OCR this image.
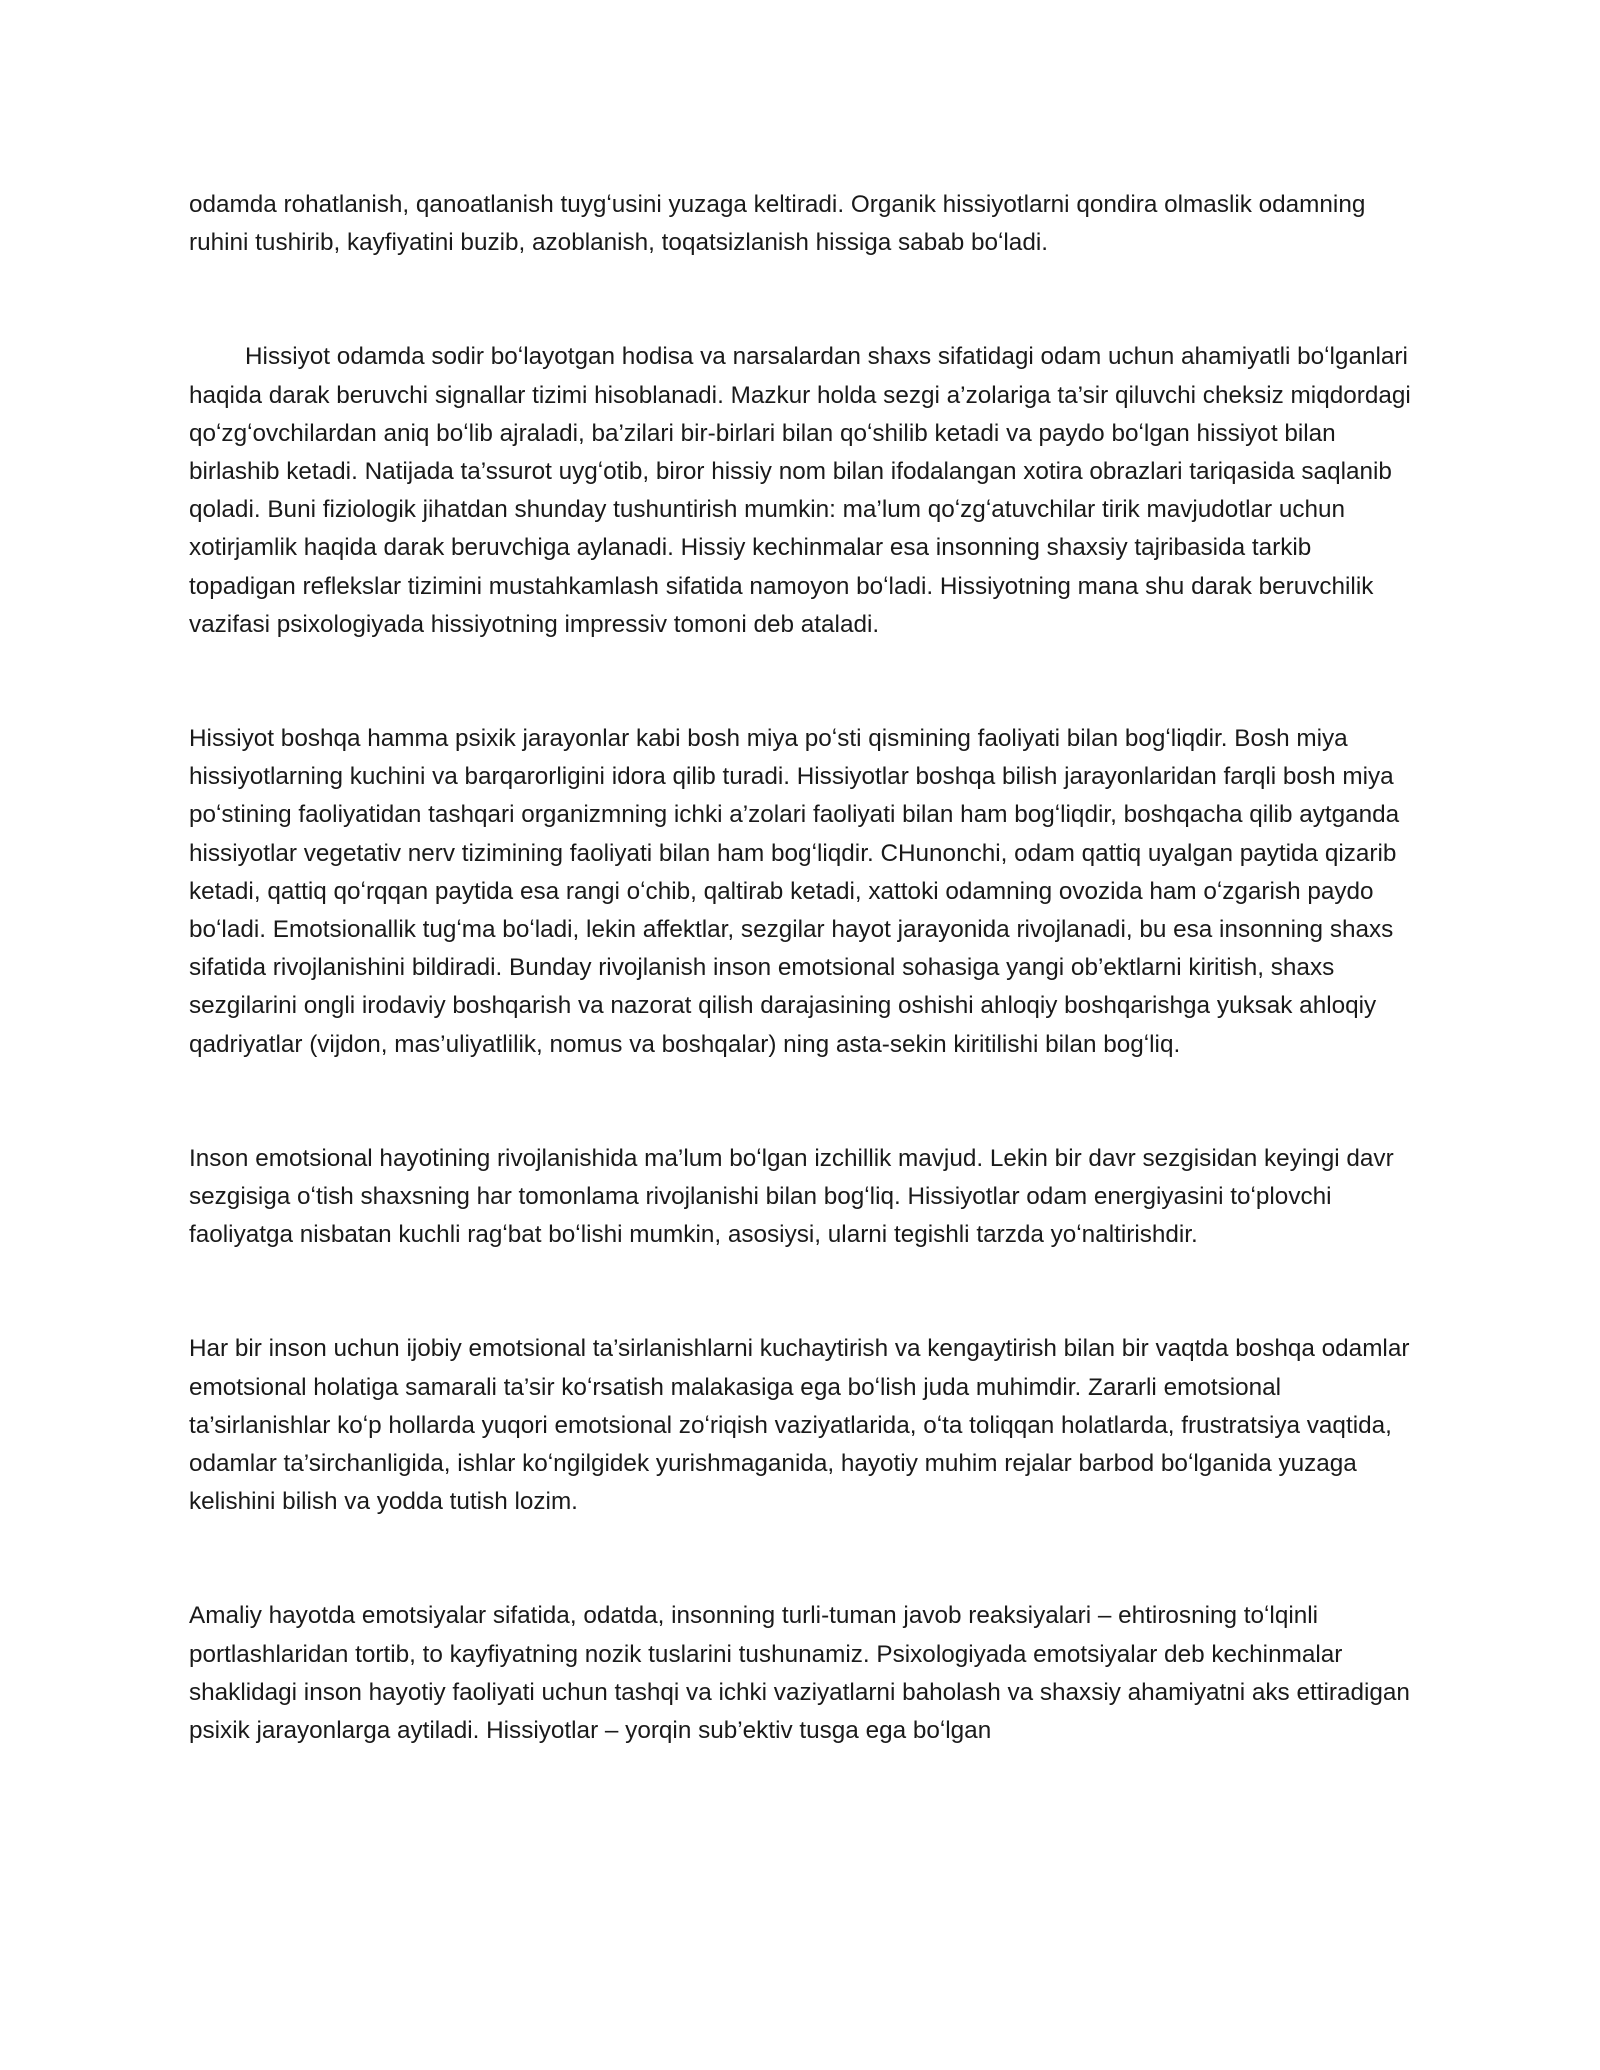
odamda rohatlanish, qanoatlanish tuygʻusini yuzaga keltiradi. Organik hissiyotlarni qondira olmaslik odamning ruhini tushirib, kayfiyatini buzib, azoblanish, toqatsizlanish hissiga sabab boʻladi.

Hissiyot odamda sodir boʻlayotgan hodisa va narsalardan shaxs sifatidagi odam uchun ahamiyatli boʻlganlari haqida darak beruvchi signallar tizimi hisoblanadi. Mazkur holda sezgi a’zolariga ta’sir qiluvchi cheksiz miqdordagi qoʻzgʻovchilardan aniq boʻlib ajraladi, ba’zilari bir-birlari bilan qoʻshilib ketadi va paydo boʻlgan hissiyot bilan birlashib ketadi. Natijada ta’ssurot uygʻotib, biror hissiy nom bilan ifodalangan xotira obrazlari tariqasida saqlanib qoladi. Buni fiziologik jihatdan shunday tushuntirish mumkin: ma’lum qoʻzgʻatuvchilar tirik mavjudotlar uchun xotirjamlik haqida darak beruvchiga aylanadi. Hissiy kechinmalar esa insonning shaxsiy tajribasida tarkib topadigan reflekslar tizimini mustahkamlash sifatida namoyon boʻladi. Hissiyotning mana shu darak beruvchilik vazifasi psixologiyada hissiyotning impressiv tomoni deb ataladi.

Hissiyot boshqa hamma psixik jarayonlar kabi bosh miya poʻsti qismining faoliyati bilan bogʻliqdir. Bosh miya hissiyotlarning kuchini va barqarorligini idora qilib turadi. Hissiyotlar boshqa bilish jarayonlaridan farqli bosh miya poʻstining faoliyatidan tashqari organizmning ichki a’zolari faoliyati bilan ham bogʻliqdir, boshqacha qilib aytganda hissiyotlar vegetativ nerv tizimining faoliyati bilan ham bogʻliqdir. CHunonchi, odam qattiq uyalgan paytida qizarib ketadi, qattiq qoʻrqqan paytida esa rangi oʻchib, qaltirab ketadi, xattoki odamning ovozida ham oʻzgarish paydo boʻladi. Emotsionallik tugʻma boʻladi, lekin affektlar, sezgilar hayot jarayonida rivojlanadi, bu esa insonning shaxs sifatida rivojlanishini bildiradi. Bunday rivojlanish inson emotsional sohasiga yangi ob’ektlarni kiritish, shaxs sezgilarini ongli irodaviy boshqarish va nazorat qilish darajasining oshishi ahloqiy boshqarishga yuksak ahloqiy qadriyatlar (vijdon, mas’uliyatlilik, nomus va boshqalar) ning asta-sekin kiritilishi bilan bogʻliq.

Inson emotsional hayotining rivojlanishida ma’lum boʻlgan izchillik mavjud. Lekin bir davr sezgisidan keyingi davr sezgisiga oʻtish shaxsning har tomonlama rivojlanishi bilan bogʻliq. Hissiyotlar odam energiyasini toʻplovchi faoliyatga nisbatan kuchli ragʻbat boʻlishi mumkin, asosiysi, ularni tegishli tarzda yoʻnaltirishdir.

Har bir inson uchun ijobiy emotsional ta’sirlanishlarni kuchaytirish va kengaytirish bilan bir vaqtda boshqa odamlar emotsional holatiga samarali ta’sir koʻrsatish malakasiga ega boʻlish juda muhimdir. Zararli emotsional ta’sirlanishlar koʻp hollarda yuqori emotsional zoʻriqish vaziyatlarida, oʻta toliqqan holatlarda, frustratsiya vaqtida, odamlar ta’sirchanligida, ishlar koʻngilgidek yurishmaganida, hayotiy muhim rejalar barbod boʻlganida yuzaga kelishini bilish va yodda tutish lozim.

Amaliy hayotda emotsiyalar sifatida, odatda, insonning turli-tuman javob reaksiyalari – ehtirosning toʻlqinli portlashlaridan tortib, to kayfiyatning nozik tuslarini tushunamiz. Psixologiyada emotsiyalar deb kechinmalar shaklidagi inson hayotiy faoliyati uchun tashqi va ichki vaziyatlarni baholash va shaxsiy ahamiyatni aks ettiradigan psixik jarayonlarga aytiladi. Hissiyotlar – yorqin sub’ektiv tusga ega boʻlgan
